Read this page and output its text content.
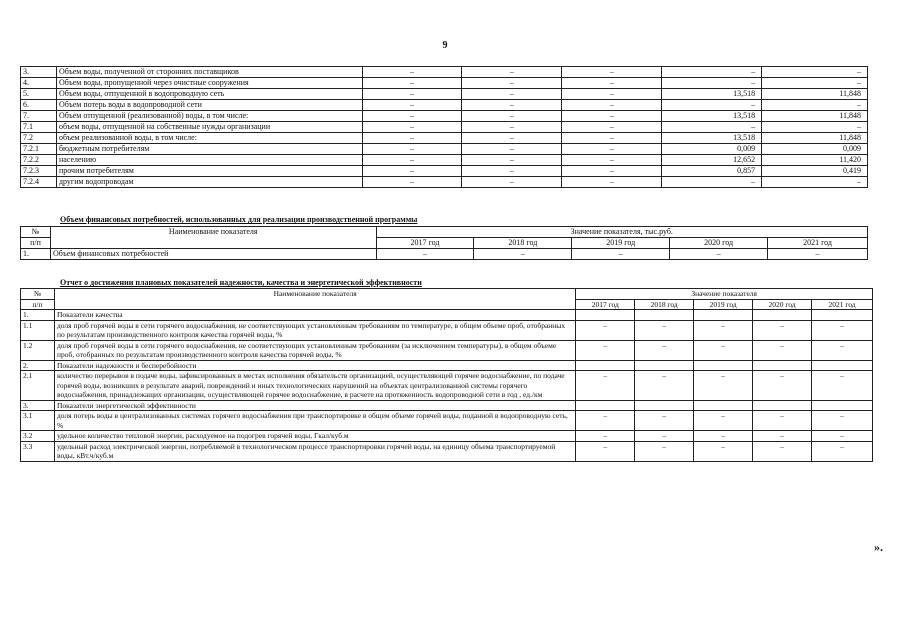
9
3.	Объем воды, полученной от сторонних поставщиков	–	–	–	–	–
4.	Объем воды, пропущенной через очистные сооружения	–	–	–	–	–
5.	Объем воды, отпущенной в водопроводную сеть	–	–	–	13,518	11,848
6.	Объем потерь воды в водопроводной сети	–	–	–	–	–
7.	Объем отпущенной (реализованной) воды, в том числе:	–	–	–	13,518	11,848
7.1	объем воды, отпущенной на собственные нужды организации	–	–	–	–	–
7.2	объем реализованной воды, в том числе:	–	–	–	13,518	11,848
7.2.1	бюджетным потребителям	–	–	–	0,009	0,009
7.2.2	населению	–	–	–	12,652	11,420
7.2.3	прочим потребителям	–	–	–	0,857	0,419
7.2.4	другим водопроводам	–	–	–	–	–
Объем финансовых потребностей, использованных для реализации производственной программы
№	Наименование показателя	Значение показателя, тыс.руб.				
п/п		2017 год	2018 год	2019 год	2020 год	2021 год
1.	Объем финансовых потребностей	–	–	–	–	–
Отчет о достижении плановых показателей надежности, качества и энергетической эффективности
№	Наименование показателя	Значение показателя				
п/п		2017 год	2018 год	2019 год	2020 год	2021 год
1.	Показатели качества					
1.1	доля проб горячей воды в сети горячего водоснабжения, не соответствующих установленным требованиям по температуре, в общем объеме проб, отобранных по результатам производственного контроля качества горячей воды, %	–	–	–	–	–
1.2	доля проб горячей воды в сети горячего водоснабжения, не соответствующих установленным требованиям (за исключением температуры), в общем объеме проб, отобранных по результатам производственного контроля качества горячей воды, %	–	–	–	–	–
2.	Показатели надежности и бесперебойности					
2.1	количество перерывов в подаче воды, зафиксированных в местах исполнения обязательств организацией, осуществляющей горячее водоснабжение, по подаче горячей воды, возникших в результате аварий, повреждений и иных технологических нарушений на объектах централизованной системы горячего водоснабжения, принадлежащих организации, осуществляющей горячее водоснабжение, в расчете на протяженность водопроводной сети в год , ед./км	–	–	–	–	–
3.	Показатели энергетической эффективности					
3.1	доля потерь воды в централизованных системах горячего водоснабжения при транспортировке в общем объеме горячей воды, поданной в водопроводную сеть, %	–	–	–	–	–
3.2	удельное количество тепловой энергии, расходуемое на подогрев горячей воды, Гкал/куб.м	–	–	–	–	–
3.3	удельный расход электрической энергии, потребляемой в технологическом процессе транспортировки горячей воды, на единицу объема транспортируемой воды, кВт.ч/куб.м	–	–	–	–	–
».
